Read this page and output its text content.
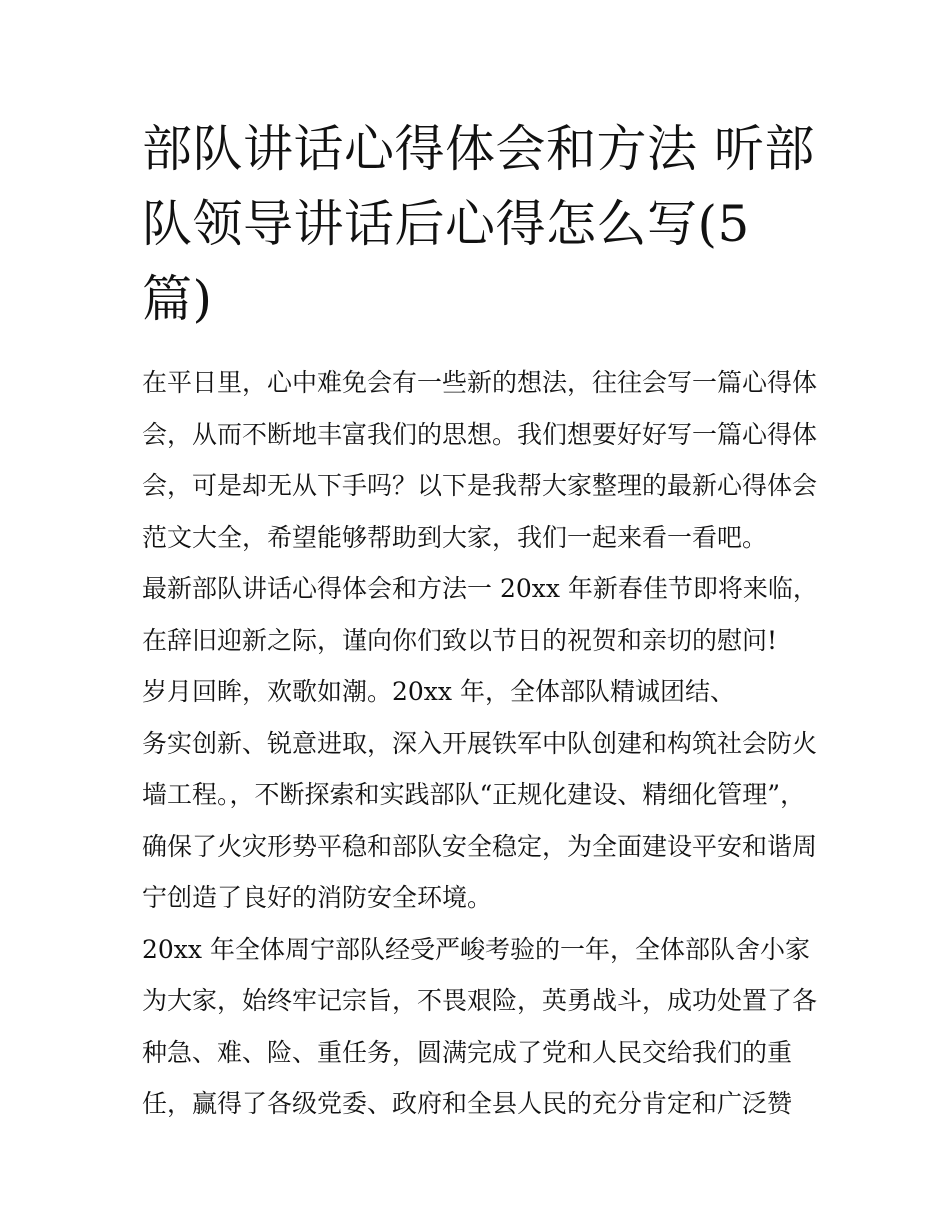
部队讲话心得体会和方法 听部
队领导讲话后心得怎么写(5
篇)
在平日里，心中难免会有一些新的想法，往往会写一篇心得体
会，从而不断地丰富我们的思想。我们想要好好写一篇心得体
会，可是却无从下手吗？以下是我帮大家整理的最新心得体会
范文大全，希望能够帮助到大家，我们一起来看一看吧。
最新部队讲话心得体会和方法一 20xx 年新春佳节即将来临，
在辞旧迎新之际，谨向你们致以节日的祝贺和亲切的慰问!
岁月回眸，欢歌如潮。20xx 年，全体部队精诚团结、
务实创新、锐意进取，深入开展铁军中队创建和构筑社会防火
墙工程。，不断探索和实践部队“正规化建设、精细化管理”，
确保了火灾形势平稳和部队安全稳定，为全面建设平安和谐周
宁创造了良好的消防安全环境。
20xx 年全体周宁部队经受严峻考验的一年，全体部队舍小家
为大家，始终牢记宗旨，不畏艰险，英勇战斗，成功处置了各
种急、难、险、重任务，圆满完成了党和人民交给我们的重
任，赢得了各级党委、政府和全县人民的充分肯定和广泛赞
